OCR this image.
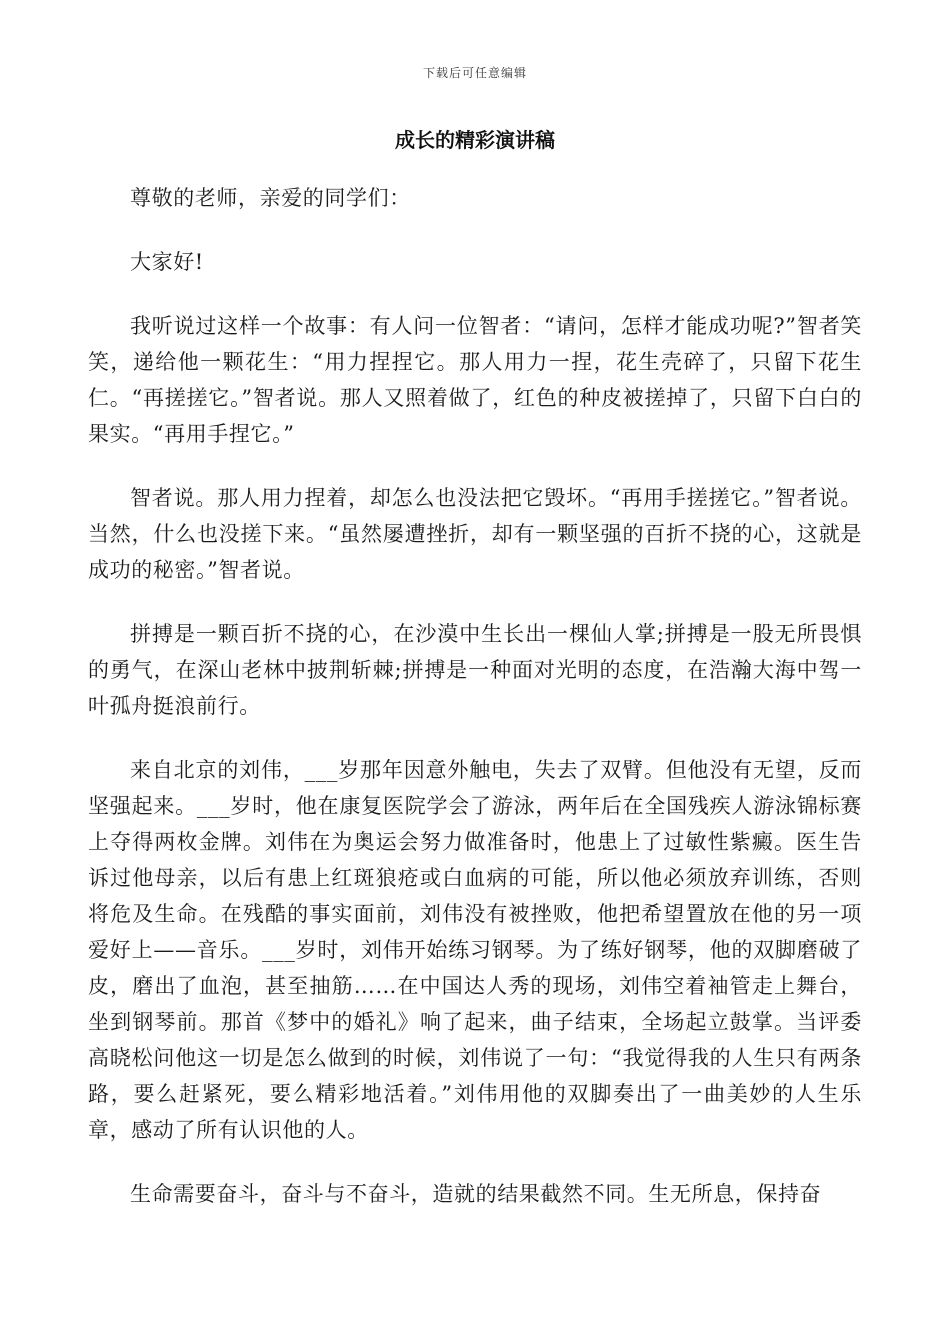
下载后可任意编辑
成长的精彩演讲稿

尊敬的老师，亲爱的同学们：

大家好!

我听说过这样一个故事：有人问一位智者：“请问，怎样才能成功呢?”智者笑笑，递给他一颗花生：“用力捏捏它。那人用力一捏，花生壳碎了，只留下花生仁。“再搓搓它。”智者说。那人又照着做了，红色的种皮被搓掉了，只留下白白的果实。“再用手捏它。”

智者说。那人用力捏着，却怎么也没法把它毁坏。“再用手搓搓它。”智者说。当然，什么也没搓下来。“虽然屡遭挫折，却有一颗坚强的百折不挠的心，这就是成功的秘密。”智者说。

拼搏是一颗百折不挠的心，在沙漠中生长出一棵仙人掌;拼搏是一股无所畏惧的勇气，在深山老林中披荆斩棘;拼搏是一种面对光明的态度，在浩瀚大海中驾一叶孤舟挺浪前行。

来自北京的刘伟，___岁那年因意外触电，失去了双臂。但他没有无望，反而坚强起来。___岁时，他在康复医院学会了游泳，两年后在全国残疾人游泳锦标赛上夺得两枚金牌。刘伟在为奥运会努力做准备时，他患上了过敏性紫癜。医生告诉过他母亲，以后有患上红斑狼疮或白血病的可能，所以他必须放弃训练，否则将危及生命。在残酷的事实面前，刘伟没有被挫败，他把希望置放在他的另一项爱好上——音乐。___岁时，刘伟开始练习钢琴。为了练好钢琴，他的双脚磨破了皮，磨出了血泡，甚至抽筋……在中国达人秀的现场，刘伟空着袖管走上舞台，坐到钢琴前。那首《梦中的婚礼》响了起来，曲子结束，全场起立鼓掌。当评委高晓松问他这一切是怎么做到的时候，刘伟说了一句：“我觉得我的人生只有两条路，要么赶紧死，要么精彩地活着。”刘伟用他的双脚奏出了一曲美妙的人生乐章，感动了所有认识他的人。

生命需要奋斗，奋斗与不奋斗，造就的结果截然不同。生无所息，保持奋
